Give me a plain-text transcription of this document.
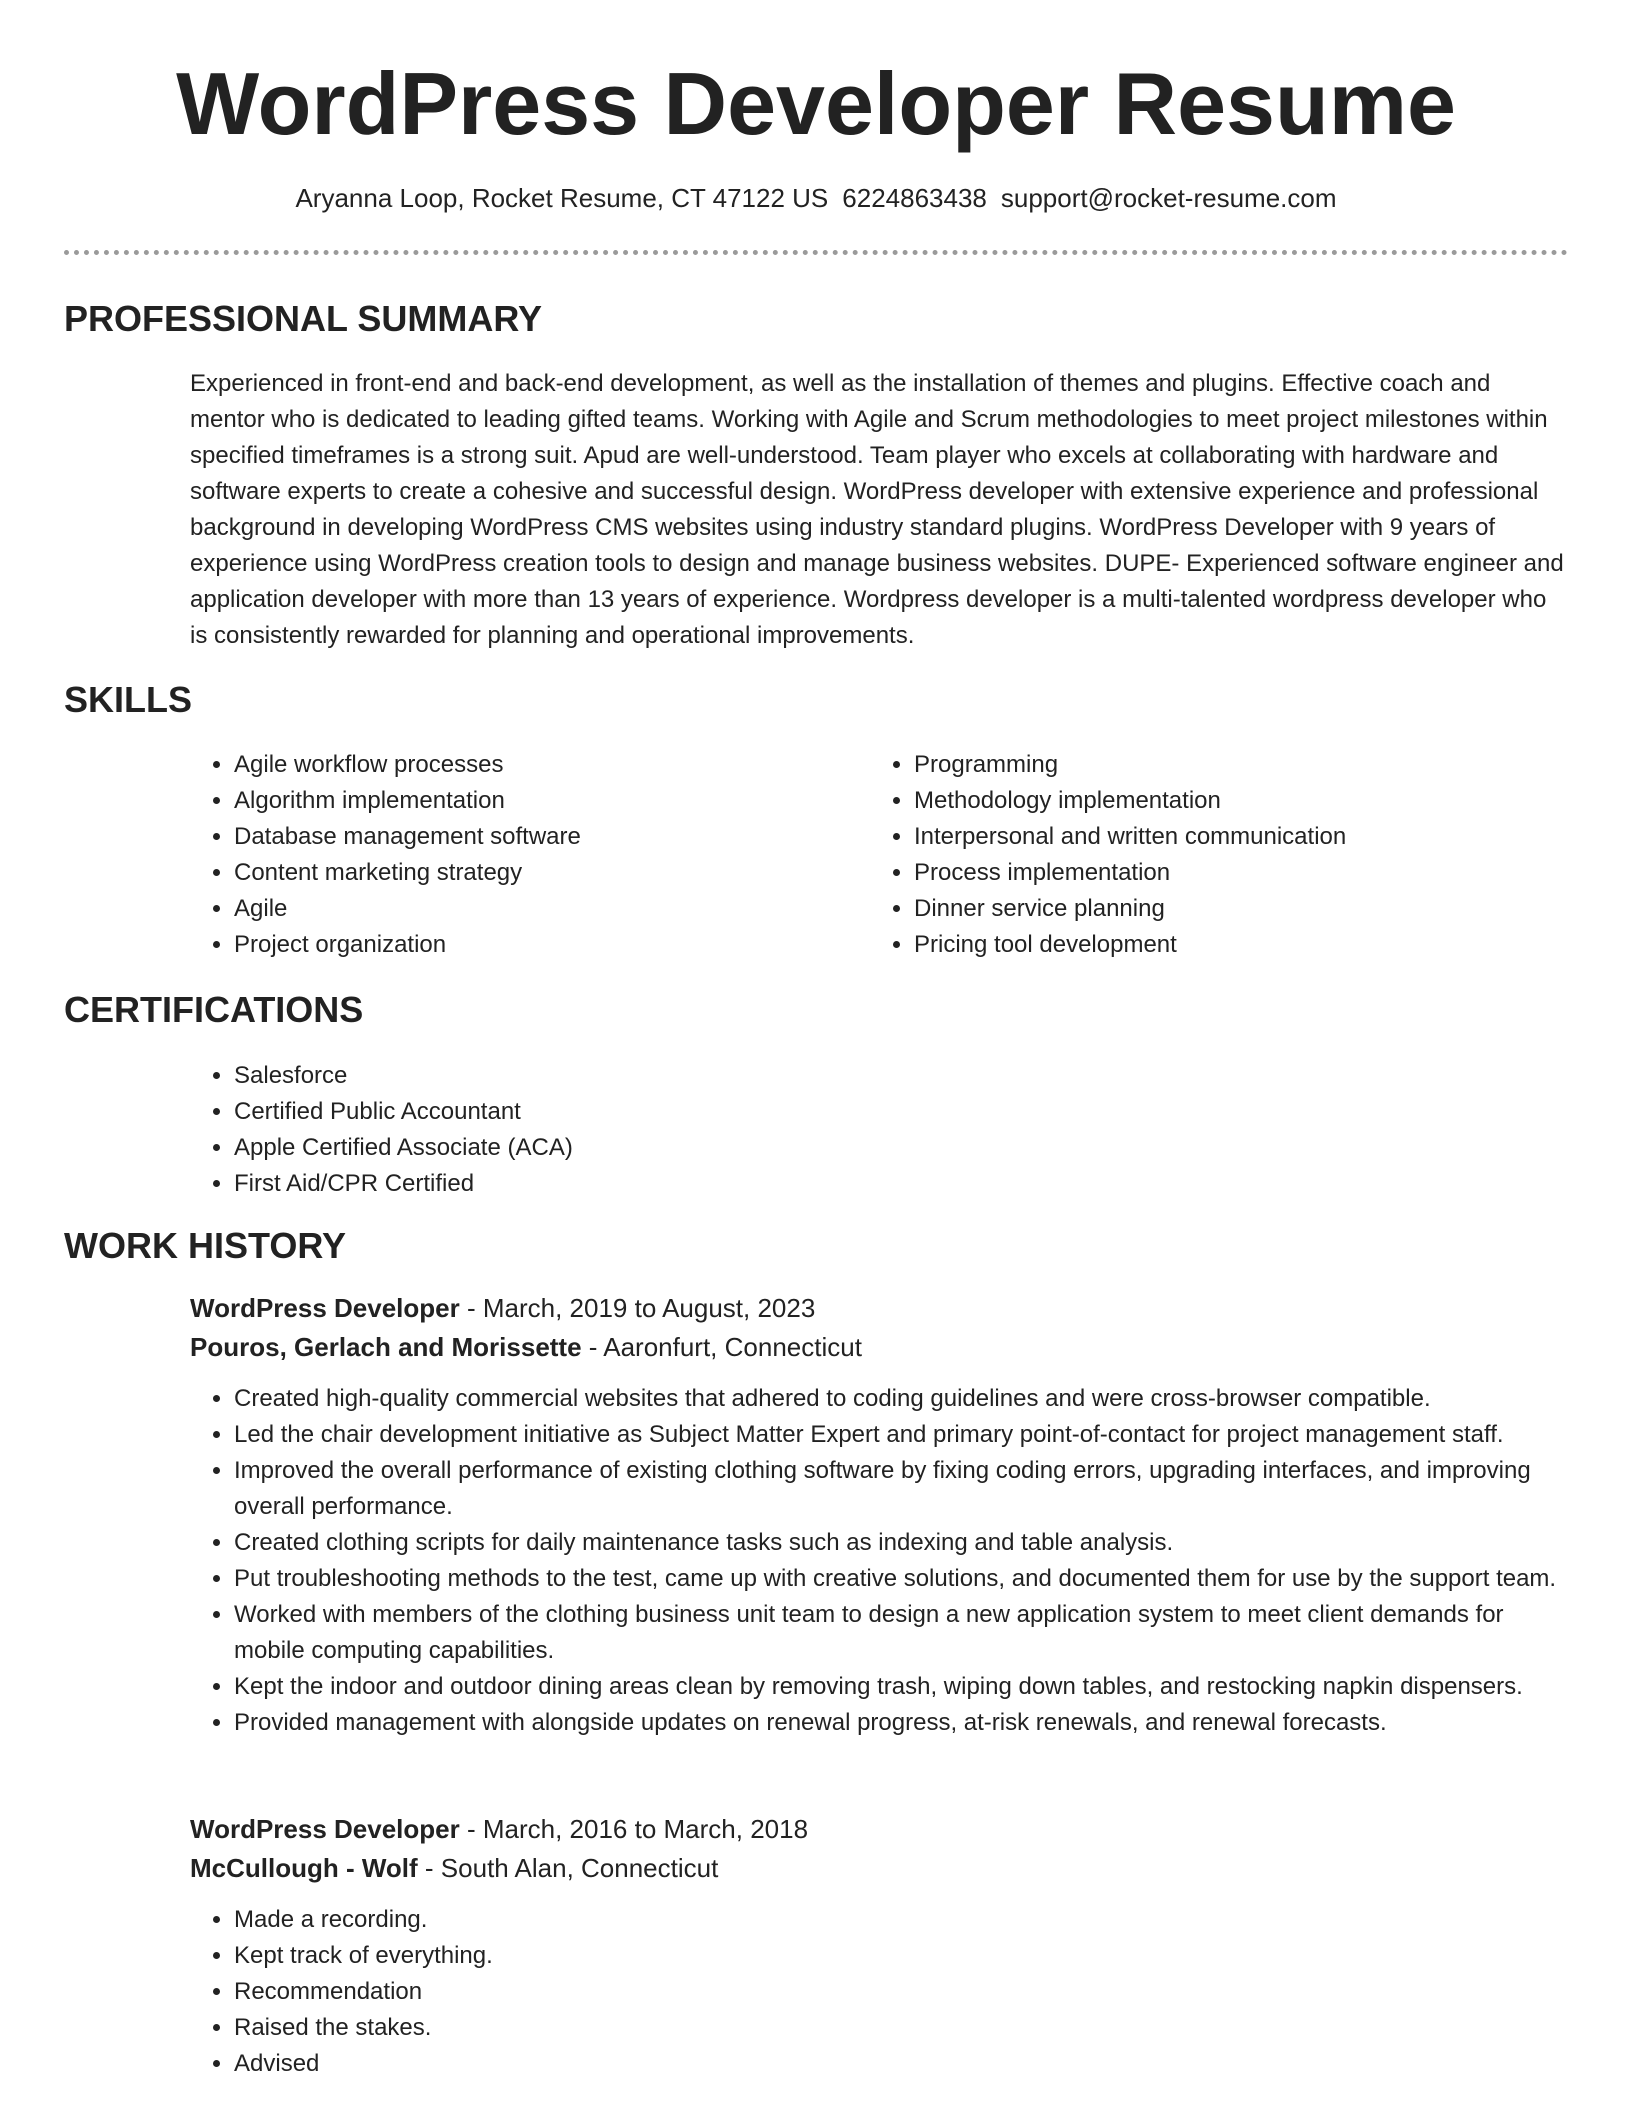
WordPress Developer Resume
Aryanna Loop, Rocket Resume, CT 47122 US 6224863438 support@rocket-resume.com
PROFESSIONAL SUMMARY

Experienced in front-end and back-end development, as well as the installation of themes and plugins. Effective coach and mentor who is dedicated to leading gifted teams. Working with Agile and Scrum methodologies to meet project milestones within specified timeframes is a strong suit. Apud are well-understood. Team player who excels at collaborating with hardware and software experts to create a cohesive and successful design. WordPress developer with extensive experience and professional background in developing WordPress CMS websites using industry standard plugins. WordPress Developer with 9 years of experience using WordPress creation tools to design and manage business websites. DUPE- Experienced software engineer and application developer with more than 13 years of experience. Wordpress developer is a multi-talented wordpress developer who is consistently rewarded for planning and operational improvements.

SKILLS
• Agile workflow processes
• Algorithm implementation
• Database management software
• Content marketing strategy
• Agile
• Project organization
• Programming
• Methodology implementation
• Interpersonal and written communication
• Process implementation
• Dinner service planning
• Pricing tool development
CERTIFICATIONS
• Salesforce
• Certified Public Accountant
• Apple Certified Associate (ACA)
• First Aid/CPR Certified
WORK HISTORY
WordPress Developer - March, 2019 to August, 2023
Pouros, Gerlach and Morissette - Aaronfurt, Connecticut
• Created high-quality commercial websites that adhered to coding guidelines and were cross-browser compatible.
• Led the chair development initiative as Subject Matter Expert and primary point-of-contact for project management staff.
• Improved the overall performance of existing clothing software by fixing coding errors, upgrading interfaces, and improving overall performance.
• Created clothing scripts for daily maintenance tasks such as indexing and table analysis.
• Put troubleshooting methods to the test, came up with creative solutions, and documented them for use by the support team.
• Worked with members of the clothing business unit team to design a new application system to meet client demands for mobile computing capabilities.
• Kept the indoor and outdoor dining areas clean by removing trash, wiping down tables, and restocking napkin dispensers.
• Provided management with alongside updates on renewal progress, at-risk renewals, and renewal forecasts.
WordPress Developer - March, 2016 to March, 2018
McCullough - Wolf - South Alan, Connecticut
• Made a recording.
• Kept track of everything.
• Recommendation
• Raised the stakes.
• Advised
